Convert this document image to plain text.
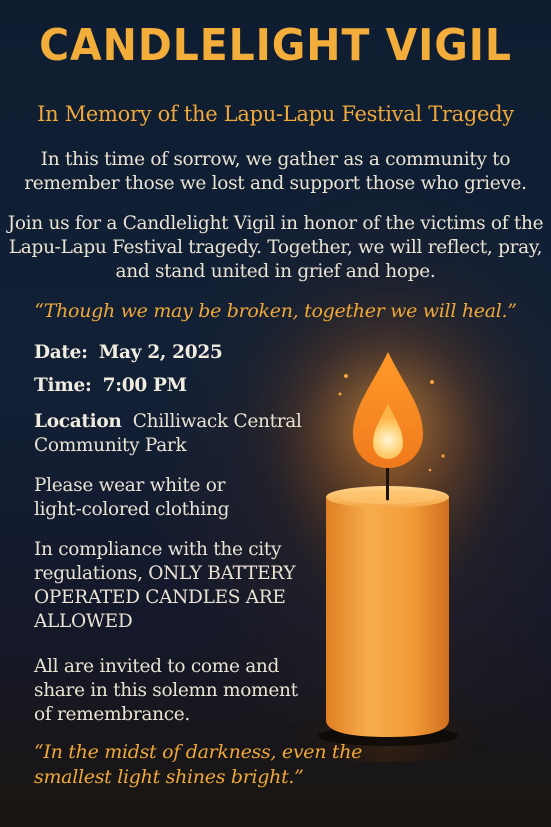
CANDLELIGHT VIGIL
In Memory of the Lapu-Lapu Festival Tragedy

In this time of sorrow, we gather as a community to remember those we lost and support those who grieve.

Join us for a Candlelight Vigil in honor of the victims of the Lapu-Lapu Festival tragedy. Together, we will reflect, pray, and stand united in grief and hope.

“Though we may be broken, together we will heal.”

Date: May 2, 2025

Time: 7:00 PM

Location Chilliwack Central Community Park

Please wear white or light-colored clothing

In compliance with the city regulations, ONLY BATTERY OPERATED CANDLES ARE ALLOWED

All are invited to come and share in this solemn moment of remembrance.

“In the midst of darkness, even the smallest light shines bright.”
